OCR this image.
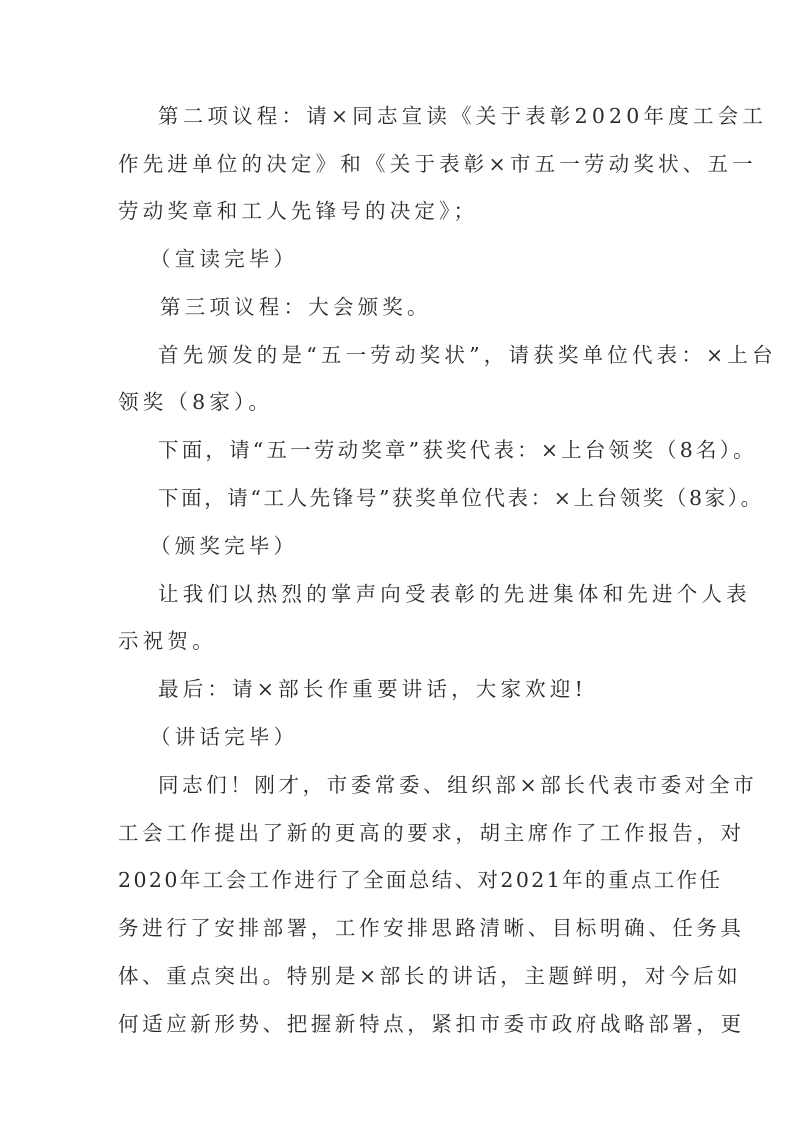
第二项议程：请×同志宣读《关于表彰2020年度工会工
作先进单位的决定》和《关于表彰×市五一劳动奖状、五一
劳动奖章和工人先锋号的决定》；
（宣读完毕）
第三项议程：大会颁奖。
首先颁发的是“五一劳动奖状”，请获奖单位代表：×上台
领奖（8家）。
下面，请“五一劳动奖章”获奖代表：×上台领奖（8名）。
下面，请“工人先锋号”获奖单位代表：×上台领奖（8家）。
（颁奖完毕）
让我们以热烈的掌声向受表彰的先进集体和先进个人表
示祝贺。
最后：请×部长作重要讲话，大家欢迎!
（讲话完毕）
同志们！刚才，市委常委、组织部×部长代表市委对全市
工会工作提出了新的更高的要求，胡主席作了工作报告，对
2020年工会工作进行了全面总结、对2021年的重点工作任
务进行了安排部署，工作安排思路清晰、目标明确、任务具
体、重点突出。特别是×部长的讲话，主题鲜明，对今后如
何适应新形势、把握新特点，紧扣市委市政府战略部署，更
